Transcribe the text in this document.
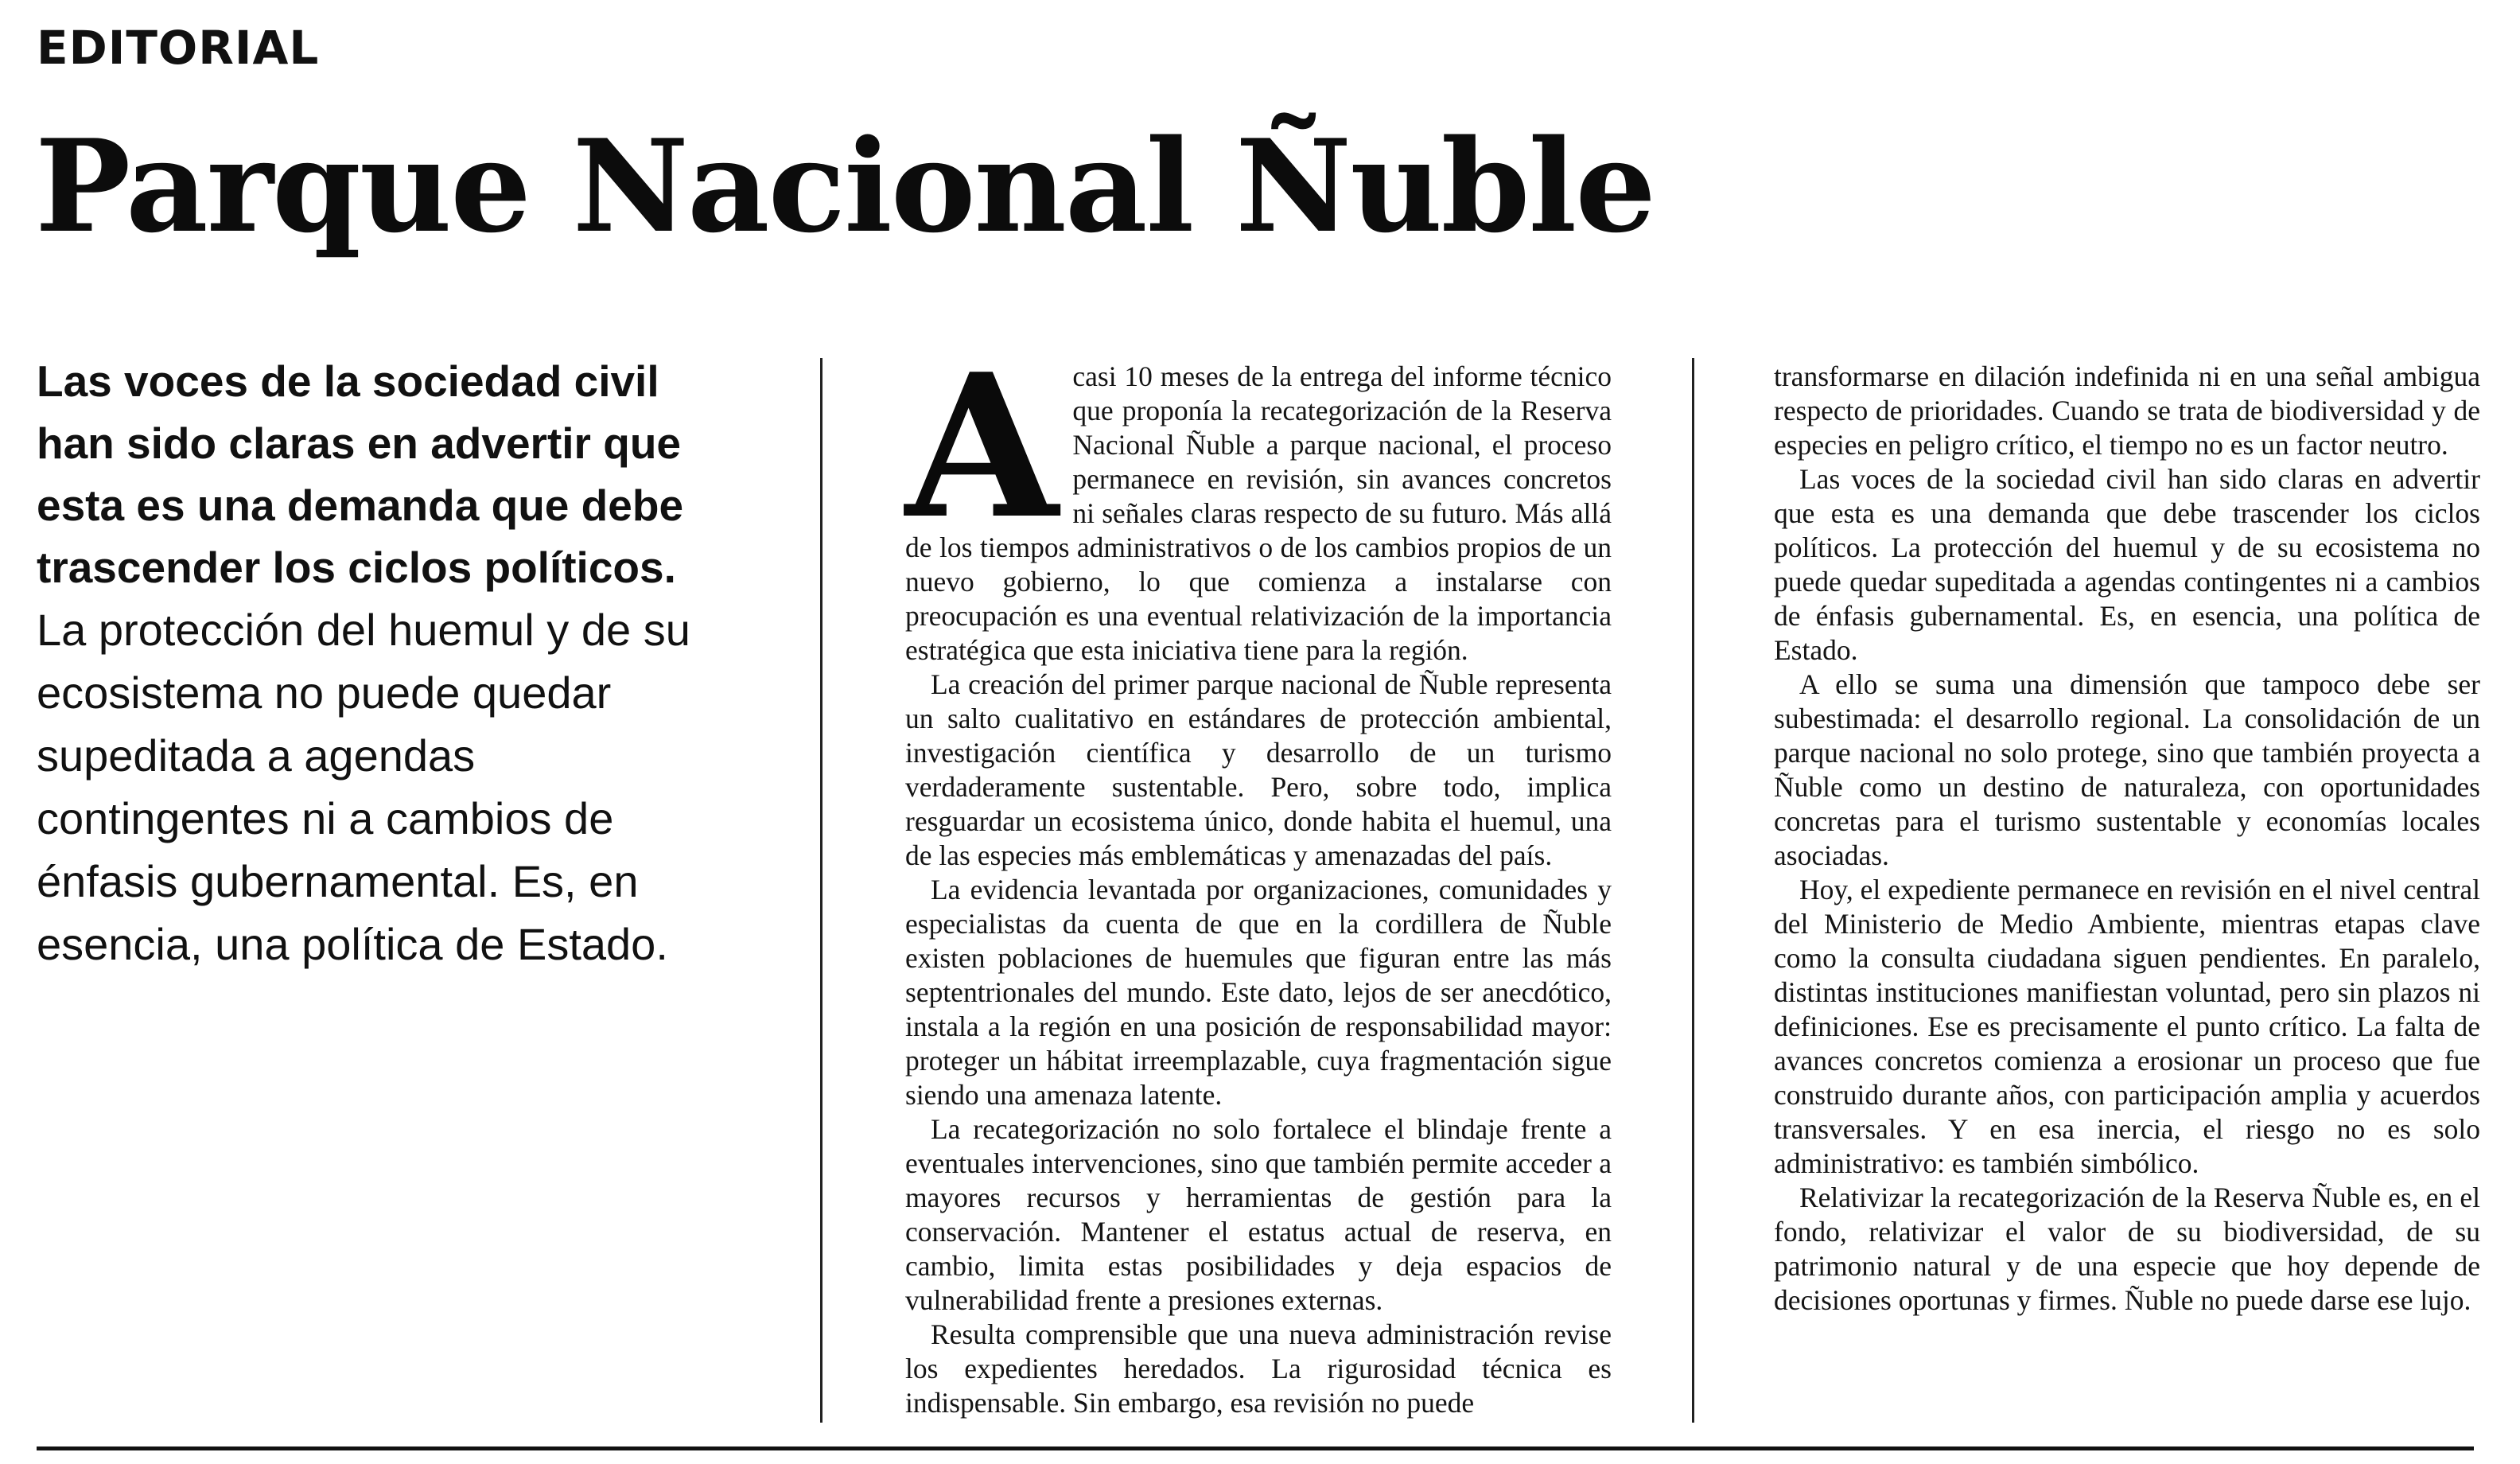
EDITORIAL
Parque Nacional Ñuble

Las voces de la sociedad civil han sido claras en advertir que esta es una demanda que debe trascender los ciclos políticos.

La protección del huemul y de su ecosistema no puede quedar supeditada a agendas contingentes ni a cambios de énfasis gubernamental. Es, en esencia, una política de Estado.

A casi 10 meses de la entrega del informe técnico que proponía la recategorización de la Reserva Nacional Ñuble a parque nacional, el proceso permanece en revisión, sin avances concretos ni señales claras respecto de su futuro. Más allá de los tiempos administrativos o de los cambios propios de un nuevo gobierno, lo que comienza a instalarse con preocupación es una eventual relativización de la importancia estratégica que esta iniciativa tiene para la región.

La creación del primer parque nacional de Ñuble representa un salto cualitativo en estándares de protección ambiental, investigación científica y desarrollo de un turismo verdaderamente sustentable. Pero, sobre todo, implica resguardar un ecosistema único, donde habita el huemul, una de las especies más emblemáticas y amenazadas del país.

La evidencia levantada por organizaciones, comunidades y especialistas da cuenta de que en la cordillera de Ñuble existen poblaciones de huemules que figuran entre las más septentrionales del mundo. Este dato, lejos de ser anecdótico, instala a la región en una posición de responsabilidad mayor: proteger un hábitat irreemplazable, cuya fragmentación sigue siendo una amenaza latente.

La recategorización no solo fortalece el blindaje frente a eventuales intervenciones, sino que también permite acceder a mayores recursos y herramientas de gestión para la conservación. Mantener el estatus actual de reserva, en cambio, limita estas posibilidades y deja espacios de vulnerabilidad frente a presiones externas.

Resulta comprensible que una nueva administración revise los expedientes heredados. La rigurosidad técnica es indispensable. Sin embargo, esa revisión no puede

transformarse en dilación indefinida ni en una señal ambigua respecto de prioridades. Cuando se trata de biodiversidad y de especies en peligro crítico, el tiempo no es un factor neutro.

Las voces de la sociedad civil han sido claras en advertir que esta es una demanda que debe trascender los ciclos políticos. La protección del huemul y de su ecosistema no puede quedar supeditada a agendas contingentes ni a cambios de énfasis gubernamental. Es, en esencia, una política de Estado.

A ello se suma una dimensión que tampoco debe ser subestimada: el desarrollo regional. La consolidación de un parque nacional no solo protege, sino que también proyecta a Ñuble como un destino de naturaleza, con oportunidades concretas para el turismo sustentable y economías locales asociadas.

Hoy, el expediente permanece en revisión en el nivel central del Ministerio de Medio Ambiente, mientras etapas clave como la consulta ciudadana siguen pendientes. En paralelo, distintas instituciones manifiestan voluntad, pero sin plazos ni definiciones. Ese es precisamente el punto crítico. La falta de avances concretos comienza a erosionar un proceso que fue construido durante años, con participación amplia y acuerdos transversales. Y en esa inercia, el riesgo no es solo administrativo: es también simbólico.

Relativizar la recategorización de la Reserva Ñuble es, en el fondo, relativizar el valor de su biodiversidad, de su patrimonio natural y de una especie que hoy depende de decisiones oportunas y firmes. Ñuble no puede darse ese lujo.
